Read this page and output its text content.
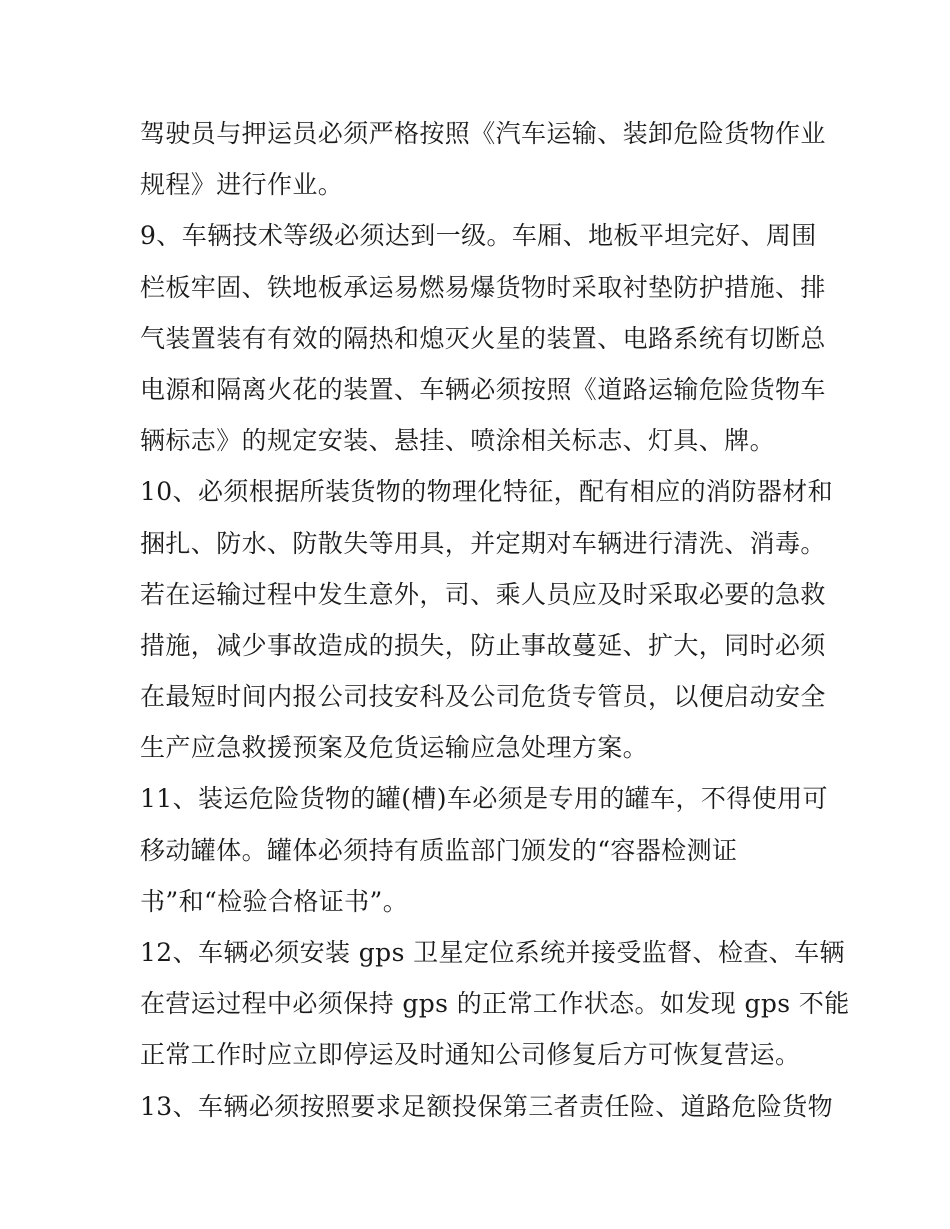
驾驶员与押运员必须严格按照《汽车运输、装卸危险货物作业
规程》进行作业。
9、车辆技术等级必须达到一级。车厢、地板平坦完好、周围
栏板牢固、铁地板承运易燃易爆货物时采取衬垫防护措施、排
气装置装有有效的隔热和熄灭火星的装置、电路系统有切断总
电源和隔离火花的装置、车辆必须按照《道路运输危险货物车
辆标志》的规定安装、悬挂、喷涂相关标志、灯具、牌。
10、必须根据所装货物的物理化特征，配有相应的消防器材和
捆扎、防水、防散失等用具，并定期对车辆进行清洗、消毒。
若在运输过程中发生意外，司、乘人员应及时采取必要的急救
措施，减少事故造成的损失，防止事故蔓延、扩大，同时必须
在最短时间内报公司技安科及公司危货专管员，以便启动安全
生产应急救援预案及危货运输应急处理方案。
11、装运危险货物的罐(槽)车必须是专用的罐车，不得使用可
移动罐体。罐体必须持有质监部门颁发的“容器检测证
书”和“检验合格证书”。
12、车辆必须安装 gps 卫星定位系统并接受监督、检查、车辆
在营运过程中必须保持 gps 的正常工作状态。如发现 gps 不能
正常工作时应立即停运及时通知公司修复后方可恢复营运。
13、车辆必须按照要求足额投保第三者责任险、道路危险货物
